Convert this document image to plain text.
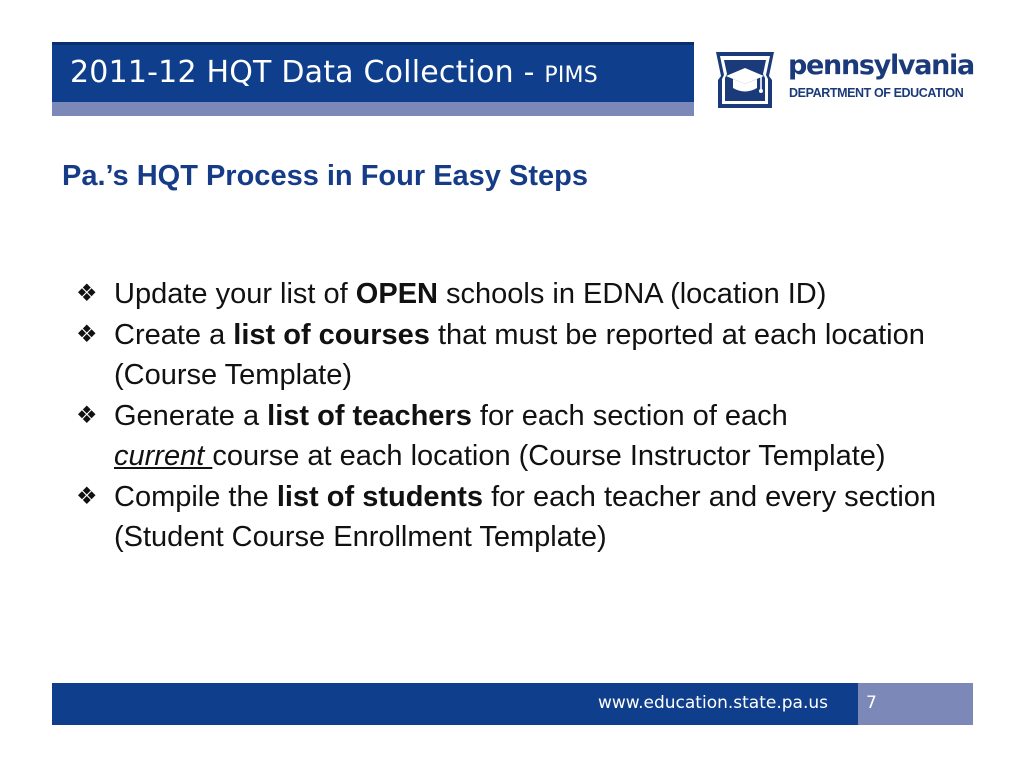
2011-12 HQT Data Collection - PIMS	pennsylvania

DEPARTMENT OF EDUCATION

Pa.’s HQT Process in Four Easy Steps
❖ Update your list of OPEN schools in EDNA (location ID)
❖ Create a list of courses that must be reported at each location (Course Template)
❖ Generate a list of teachers for each section of each
current course at each location (Course Instructor Template)
❖ Compile the list of students for each teacher and every section (Student Course Enrollment Template)

www.education.state.pa.us 7
